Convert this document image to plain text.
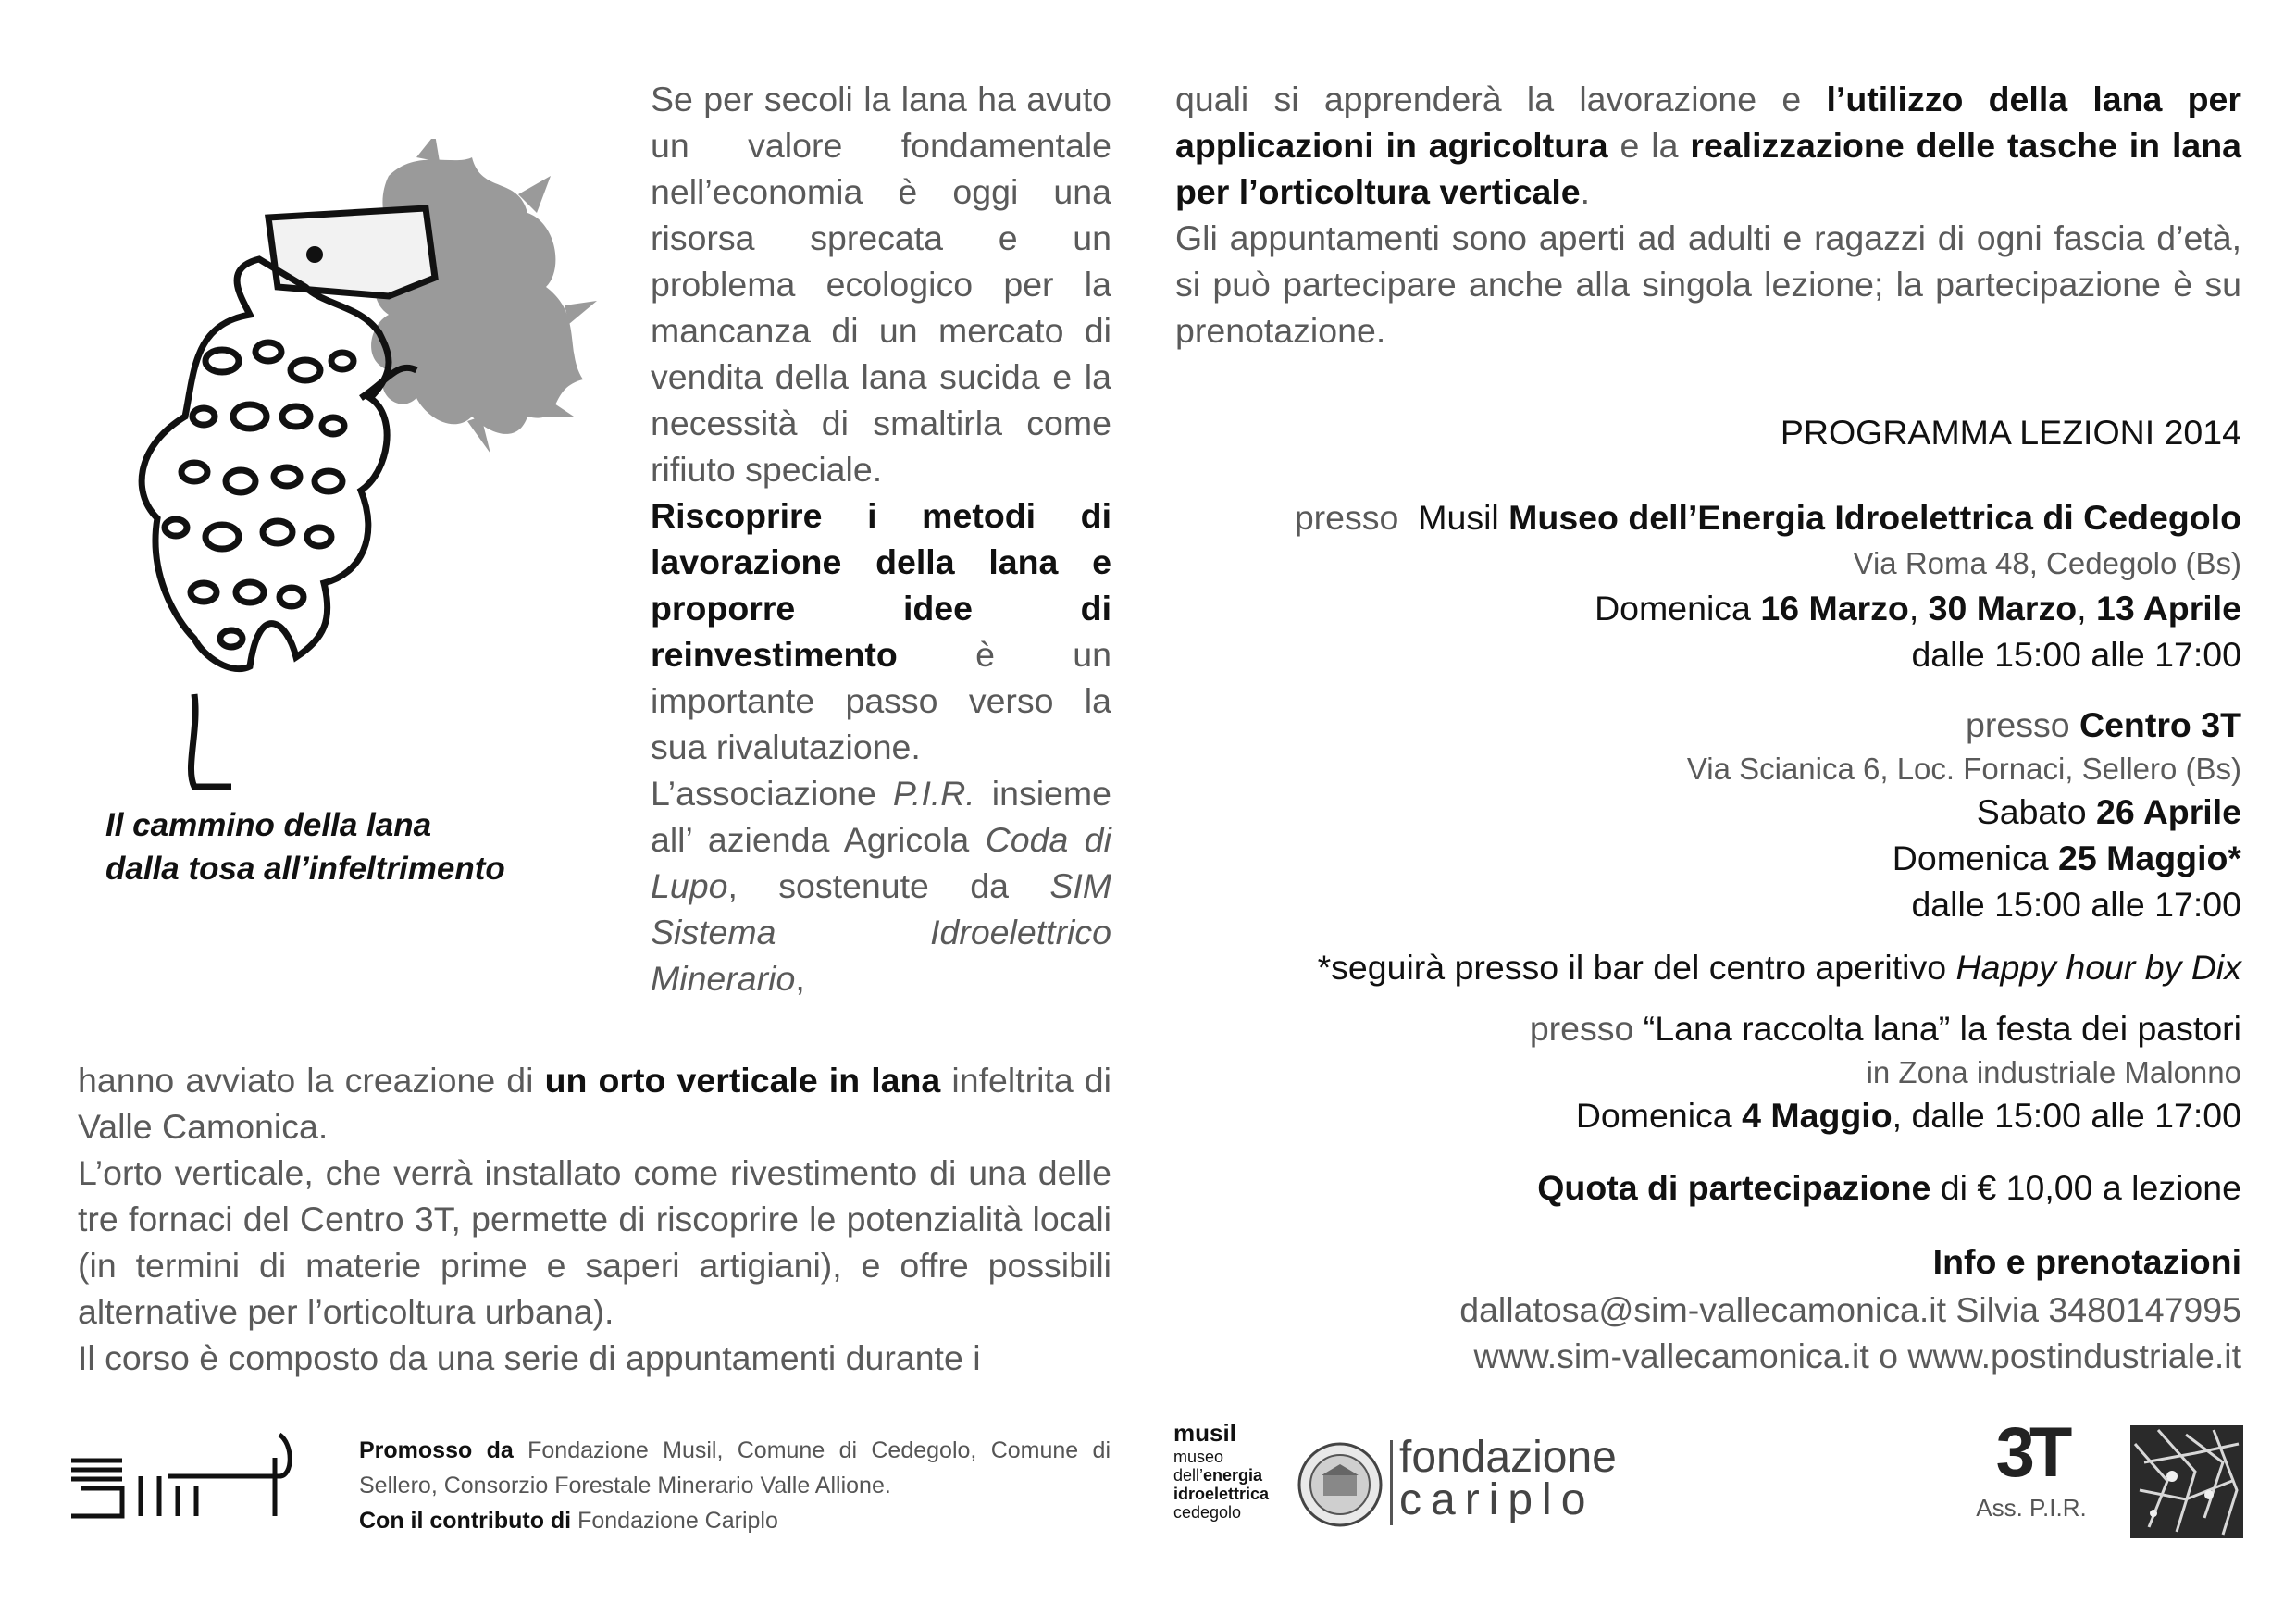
Il cammino della lana
dalla tosa all’infeltrimento
Se per secoli la lana ha avuto un valore fondamentale nell’economia è oggi una risorsa sprecata e un problema ecologico per la mancanza di un mercato di vendita della lana sucida e la necessità di smaltirla come rifiuto speciale.
Riscoprire i metodi di lavorazione della lana e proporre idee di reinvestimento è un importante passo verso la sua rivalutazione.
L’associazione P.I.R. insieme all’ azienda Agricola Coda di Lupo, sostenute da SIM Sistema Idroelettrico Minerario,
hanno avviato la creazione di un orto verticale in lana infeltrita di Valle Camonica.
L’orto verticale, che verrà installato come rivestimento di una delle tre fornaci del Centro 3T, permette di riscoprire le potenzialità locali (in termini di materie prime e saperi artigiani), e offre possibili alternative per l’orticoltura urbana).
Il corso è composto da una serie di appuntamenti durante i
quali si apprenderà la lavorazione e l’utilizzo della lana per applicazioni in agricoltura e la realizzazione delle tasche in lana per l’orticoltura verticale.
Gli appuntamenti sono aperti ad adulti e ragazzi di ogni fascia d’età, si può partecipare anche alla singola lezione; la partecipazione è su prenotazione.
PROGRAMMA LEZIONI 2014
presso Musil Museo dell’Energia Idroelettrica di Cedegolo
Via Roma 48, Cedegolo (Bs)
Domenica 16 Marzo, 30 Marzo, 13 Aprile
dalle 15:00 alle 17:00
presso Centro 3T
Via Scianica 6, Loc. Fornaci, Sellero (Bs)
Sabato 26 Aprile
Domenica 25 Maggio*
dalle 15:00 alle 17:00
*seguirà presso il bar del centro aperitivo Happy hour by Dix
presso “Lana raccolta lana” la festa dei pastori
in Zona industriale Malonno
Domenica 4 Maggio, dalle 15:00 alle 17:00
Quota di partecipazione di € 10,00 a lezione
Info e prenotazioni
dallatosa@sim-vallecamonica.it Silvia 3480147995
www.sim-vallecamonica.it o www.postindustriale.it
Promosso da Fondazione Musil, Comune di Cedegolo, Comune di Sellero, Consorzio Forestale Minerario Valle Allione.
Con il contributo di Fondazione Cariplo
musil
museo
dell’energia
idroelettrica
cedegolo
fondazione
cariplo
3T
Ass. P.I.R.
